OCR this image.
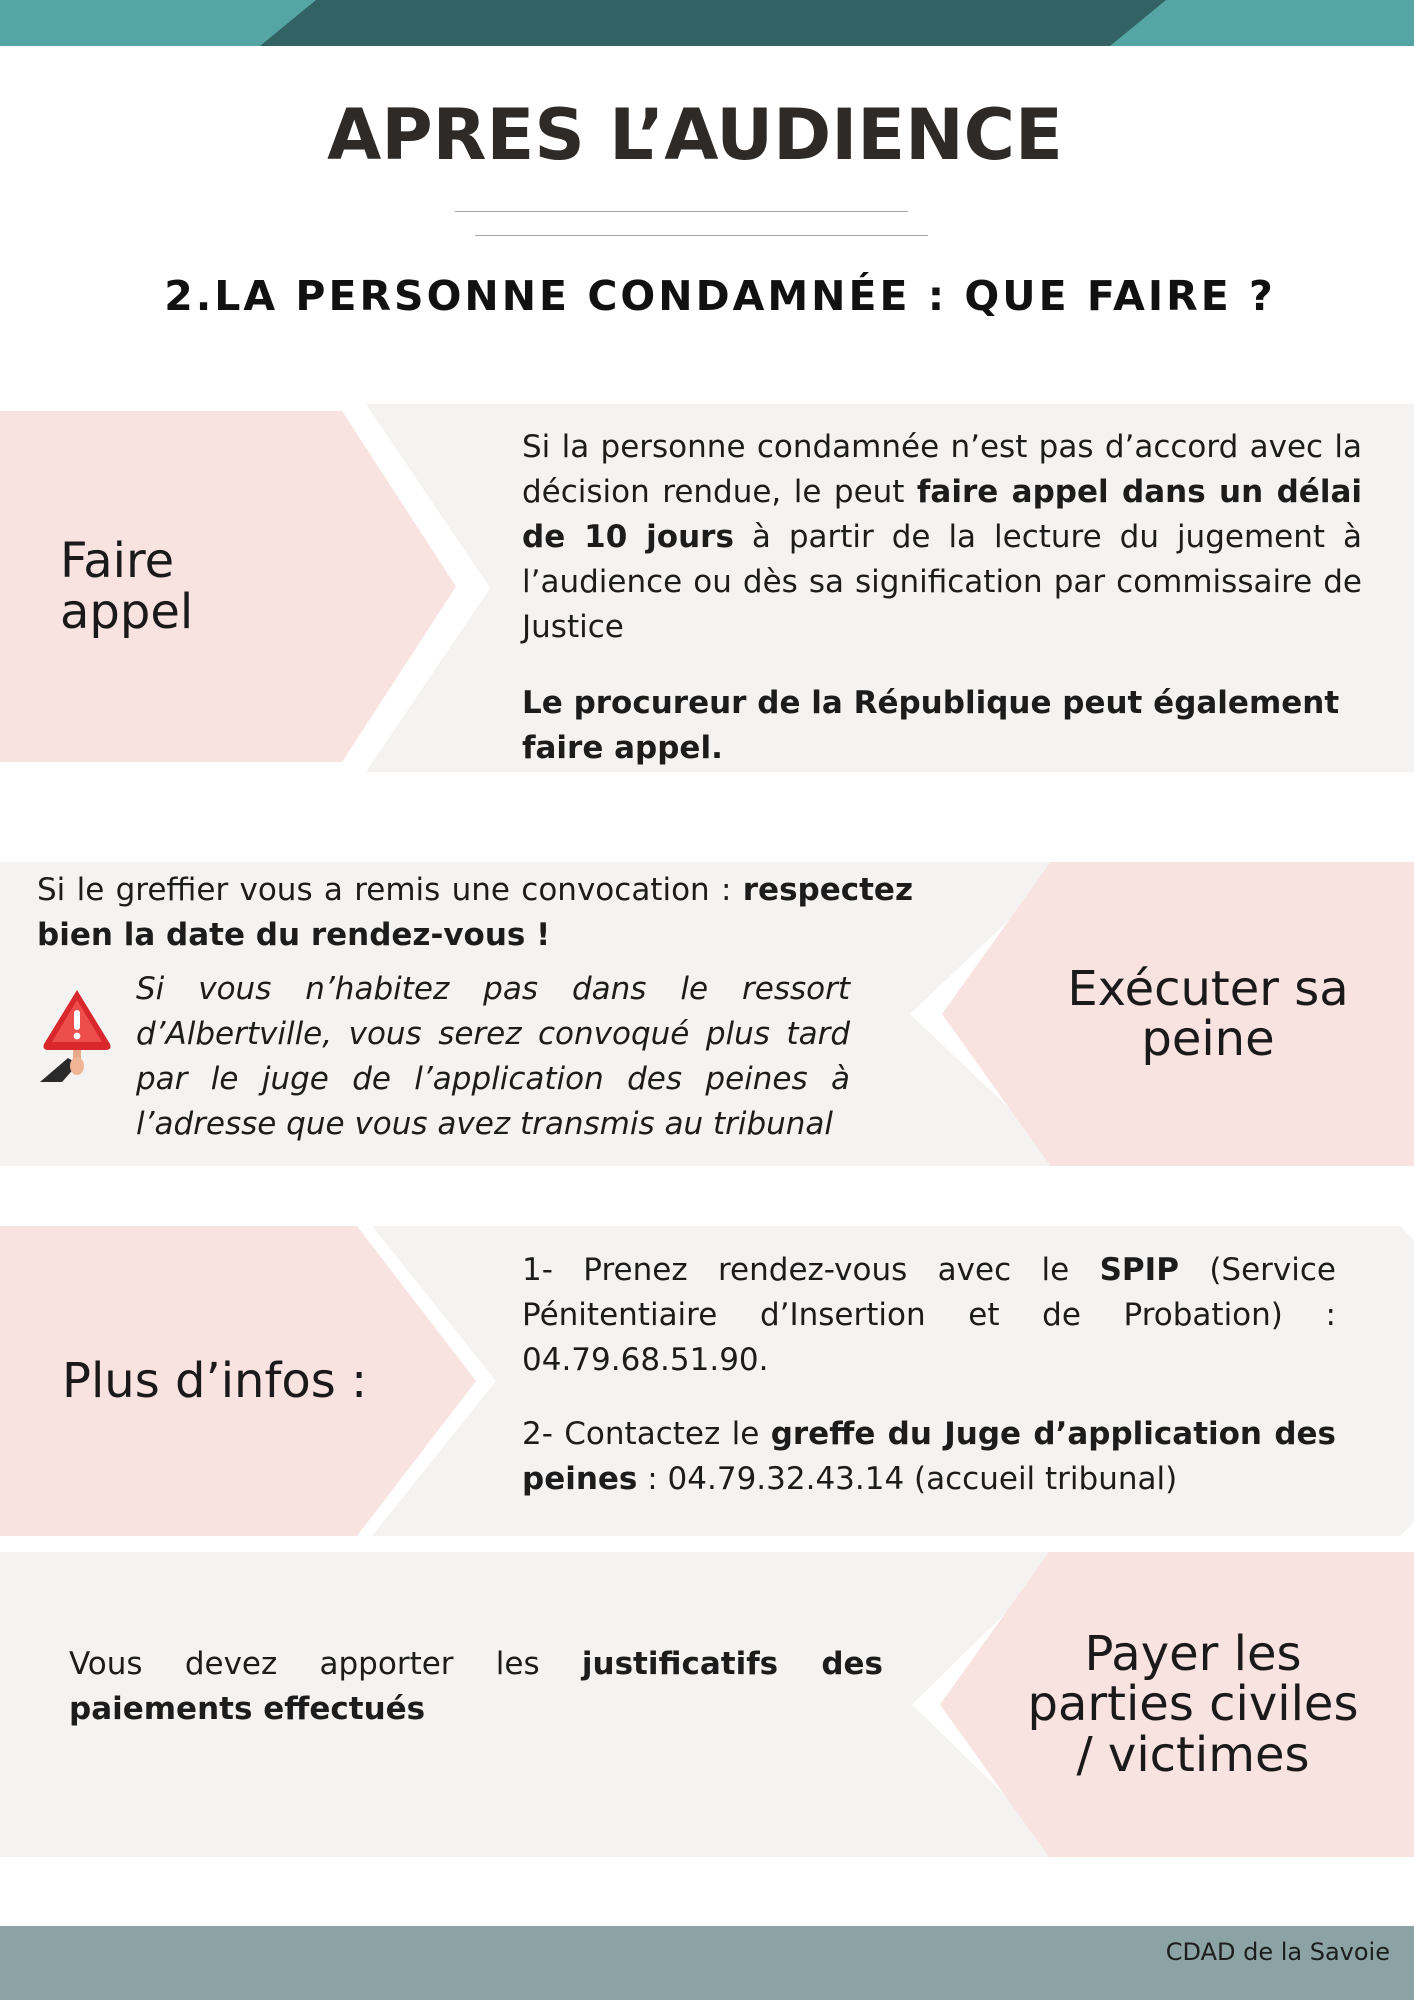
APRES L’AUDIENCE
2.LA PERSONNE CONDAMNÉE : QUE FAIRE ?
Faire appel

Si la personne condamnée n’est pas d’accord avec la décision rendue, le peut faire appel dans un délai de 10 jours à partir de la lecture du jugement à l’audience ou dès sa signification par commissaire de Justice

Le procureur de la République peut également faire appel.

Exécuter sa peine

Si le greffier vous a remis une convocation : respectez bien la date du rendez-vous !

Si vous n’habitez pas dans le ressort d’Albertville, vous serez convoqué plus tard par le juge de l’application des peines à l’adresse que vous avez transmis au tribunal

Plus d’infos :

1- Prenez rendez-vous avec le SPIP (Service Pénitentiaire d’Insertion et de Probation) : 04.79.68.51.90.

2- Contactez le greffe du Juge d’application des peines : 04.79.32.43.14 (accueil tribunal)

Payer les parties civiles / victimes

Vous devez apporter les justificatifs des paiements effectués

CDAD de la Savoie
